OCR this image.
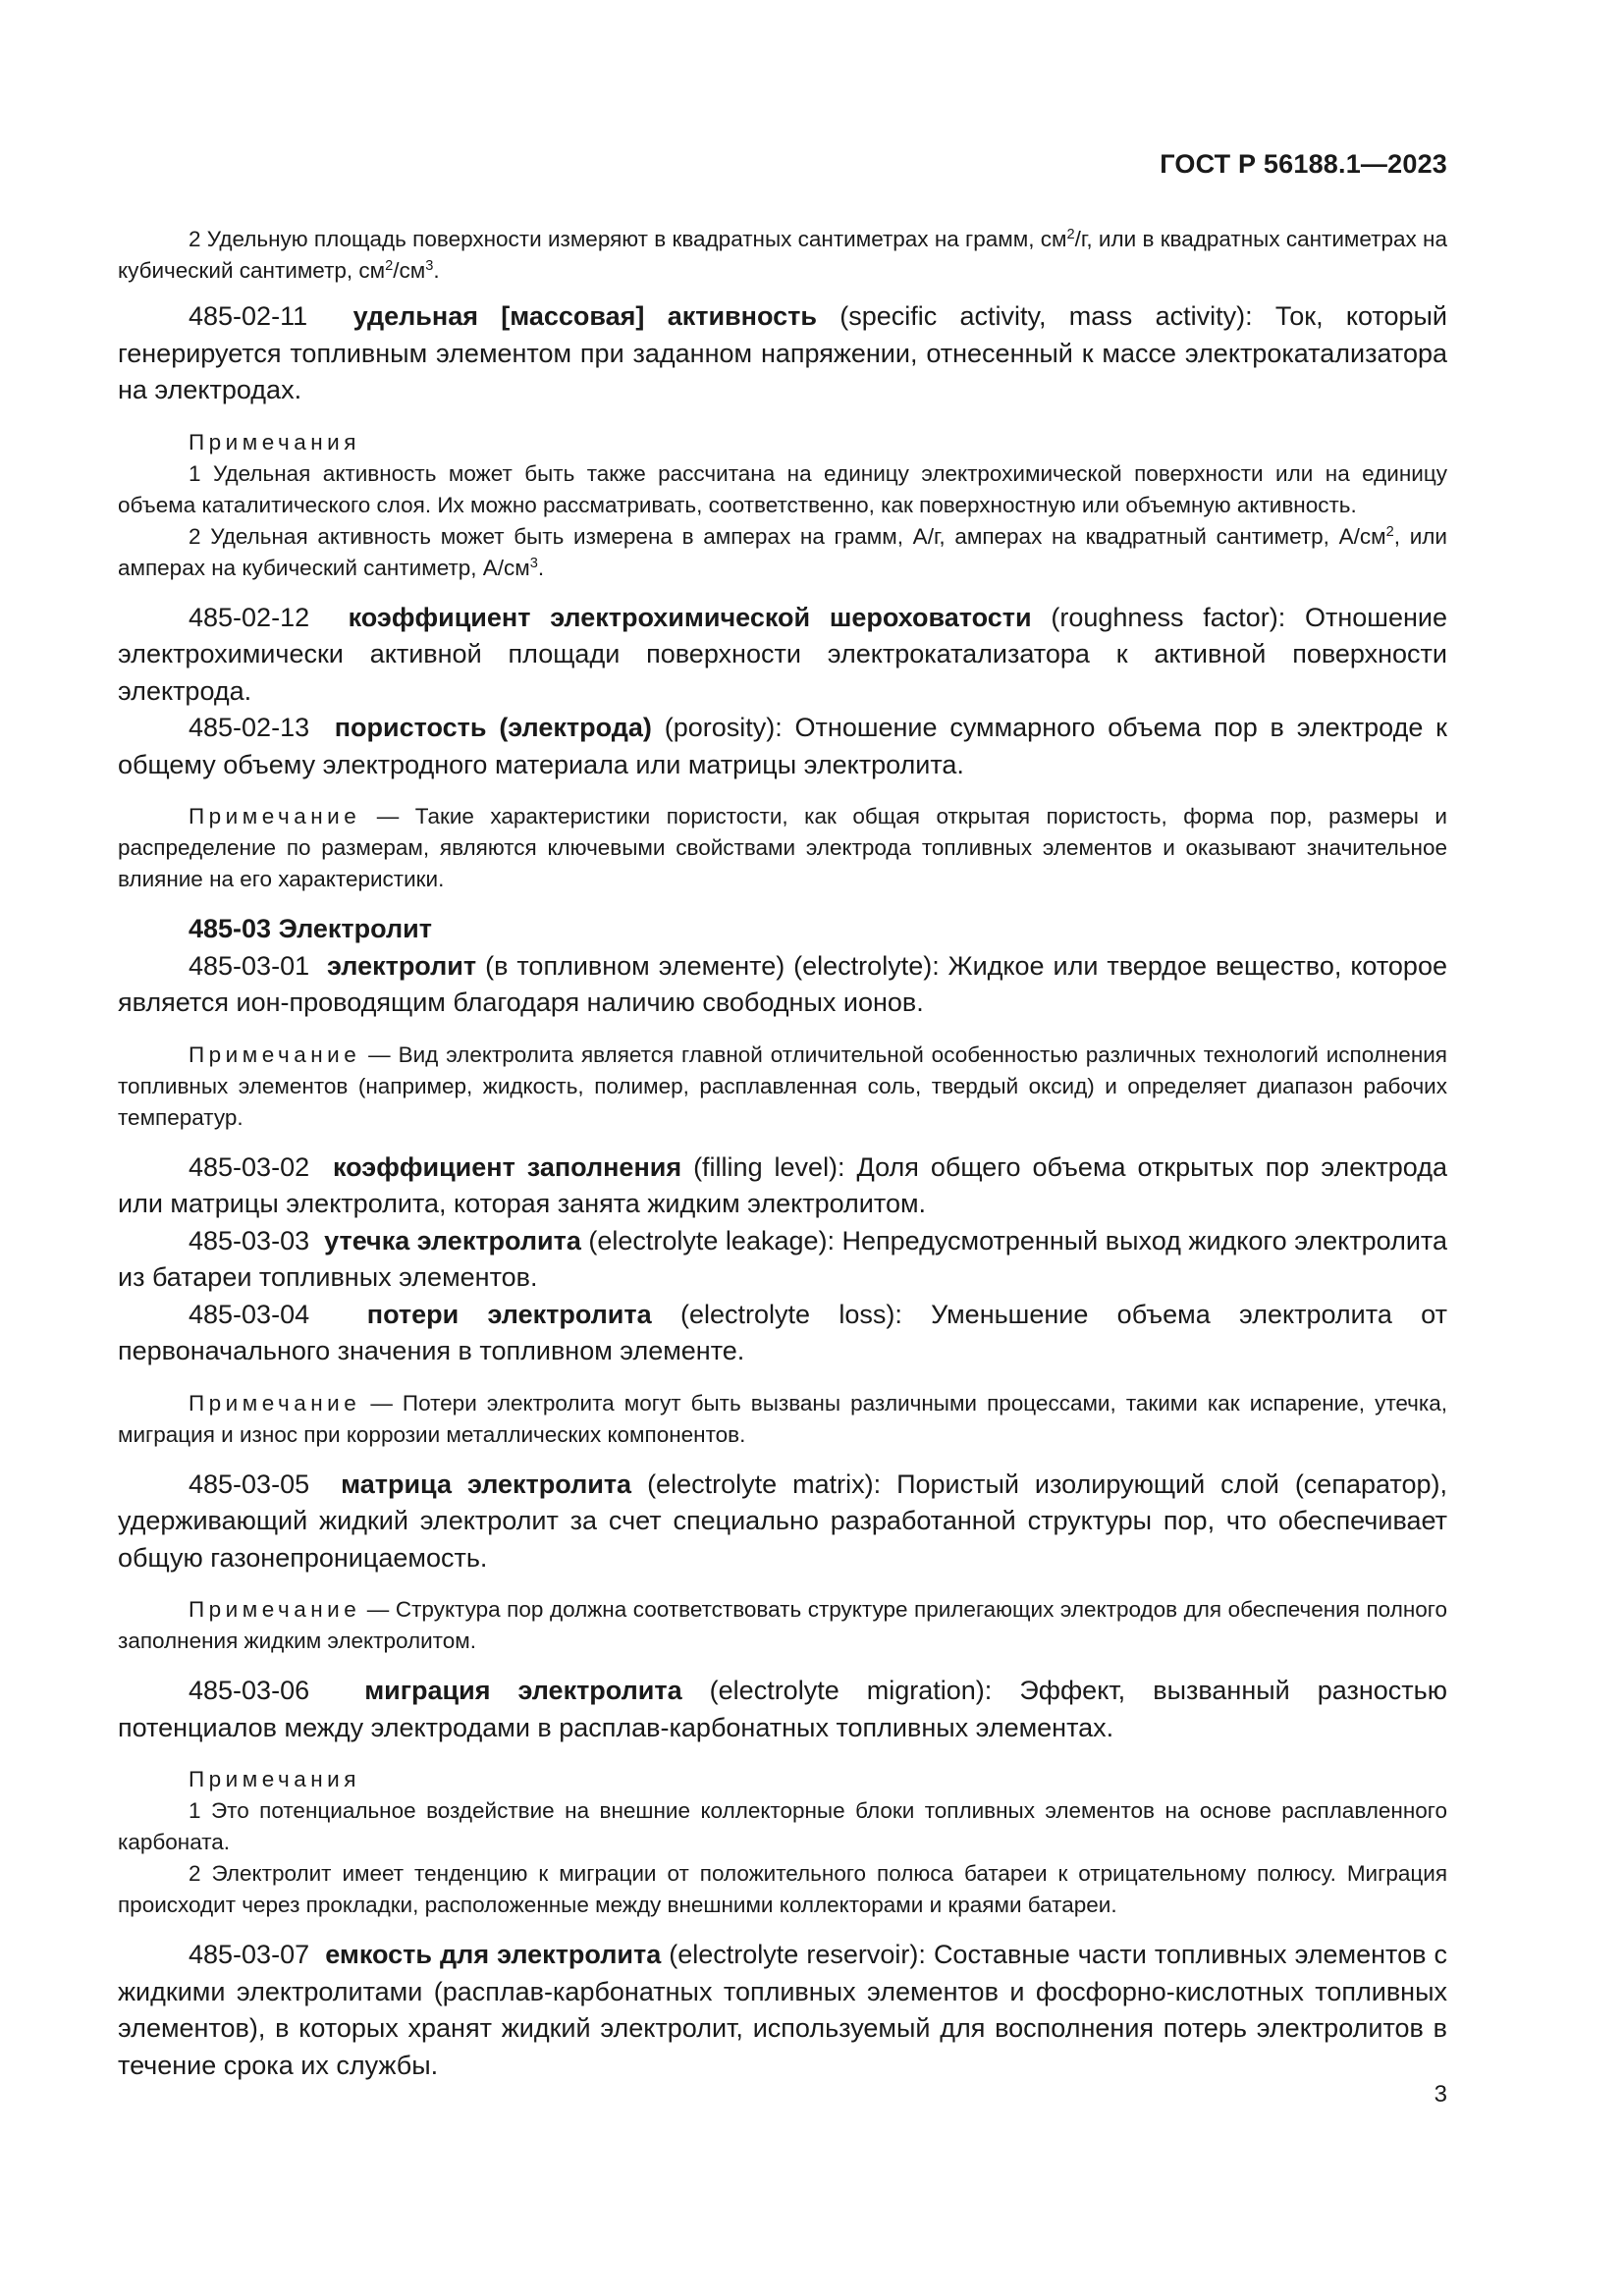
ГОСТ Р 56188.1—2023

2 Удельную площадь поверхности измеряют в квадратных сантиметрах на грамм, $см^2/г$, или в квадратных сантиметрах на кубический сантиметр, $см^2/см^3$.

485-02-11 удельная [массовая] активность (specific activity, mass activity): Ток, который генерируется топливным элементом при заданном напряжении, отнесенный к массе электрокатализатора на электродах.

Примечания

1 Удельная активность может быть также рассчитана на единицу электрохимической поверхности или на единицу объема каталитического слоя. Их можно рассматривать, соответственно, как поверхностную или объемную активность.

2 Удельная активность может быть измерена в амперах на грамм, А/г, амперах на квадратный сантиметр, $А/см^2$, или амперах на кубический сантиметр, $А/см^3$.

485-02-12 коэффициент электрохимической шероховатости (roughness factor): Отношение электрохимически активной площади поверхности электрокатализатора к активной поверхности электрода.

485-02-13 пористость (электрода) (porosity): Отношение суммарного объема пор в электроде к общему объему электродного материала или матрицы электролита.

Примечание — Такие характеристики пористости, как общая открытая пористость, форма пор, размеры и распределение по размерам, являются ключевыми свойствами электрода топливных элементов и оказывают значительное влияние на его характеристики.

485-03 Электролит

485-03-01 электролит (в топливном элементе) (electrolyte): Жидкое или твердое вещество, которое является ион-проводящим благодаря наличию свободных ионов.

Примечание — Вид электролита является главной отличительной особенностью различных технологий исполнения топливных элементов (например, жидкость, полимер, расплавленная соль, твердый оксид) и определяет диапазон рабочих температур.

485-03-02 коэффициент заполнения (filling level): Доля общего объема открытых пор электрода или матрицы электролита, которая занята жидким электролитом.

485-03-03 утечка электролита (electrolyte leakage): Непредусмотренный выход жидкого электролита из батареи топливных элементов.

485-03-04 потери электролита (electrolyte loss): Уменьшение объема электролита от первоначального значения в топливном элементе.

Примечание — Потери электролита могут быть вызваны различными процессами, такими как испарение, утечка, миграция и износ при коррозии металлических компонентов.

485-03-05 матрица электролита (electrolyte matrix): Пористый изолирующий слой (сепаратор), удерживающий жидкий электролит за счет специально разработанной структуры пор, что обеспечивает общую газонепроницаемость.

Примечание — Структура пор должна соответствовать структуре прилегающих электродов для обеспечения полного заполнения жидким электролитом.

485-03-06 миграция электролита (electrolyte migration): Эффект, вызванный разностью потенциалов между электродами в расплав-карбонатных топливных элементах.

Примечания

1 Это потенциальное воздействие на внешние коллекторные блоки топливных элементов на основе расплавленного карбоната.

2 Электролит имеет тенденцию к миграции от положительного полюса батареи к отрицательному полюсу. Миграция происходит через прокладки, расположенные между внешними коллекторами и краями батареи.

485-03-07 емкость для электролита (electrolyte reservoir): Составные части топливных элементов с жидкими электролитами (расплав-карбонатных топливных элементов и фосфорно-кислотных топливных элементов), в которых хранят жидкий электролит, используемый для восполнения потерь электролитов в течение срока их службы.

3
